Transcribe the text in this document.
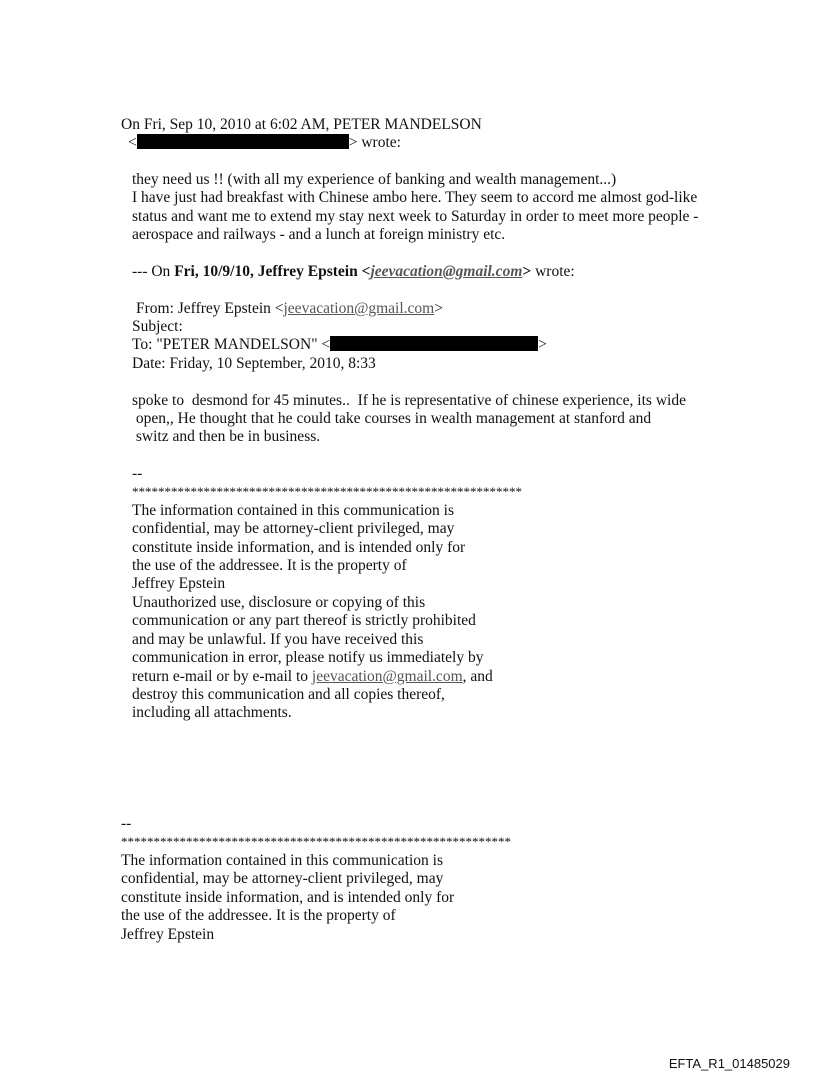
On Fri, Sep 10, 2010 at 6:02 AM, PETER MANDELSON
<	> wrote:
they need us !! (with all my experience of banking and wealth management...)
I have just had breakfast with Chinese ambo here. They seem to accord me almost god-like
status and want me to extend my stay next week to Saturday in order to meet more people -
aerospace and railways - and a lunch at foreign ministry etc.
--- On Fri, 10/9/10, Jeffrey Epstein <jeevacation@gmail.com> wrote:
From: Jeffrey Epstein <jeevacation@gmail.com>
Subject:
To: "PETER MANDELSON" <	>
Date: Friday, 10 September, 2010, 8:33
spoke to  desmond for 45 minutes..  If he is representative of chinese experience, its wide
open,, He thought that he could take courses in wealth management at stanford and
switz and then be in business.
--
************************************************************
The information contained in this communication is
confidential, may be attorney-client privileged, may
constitute inside information, and is intended only for
the use of the addressee. It is the property of
Jeffrey Epstein
Unauthorized use, disclosure or copying of this
communication or any part thereof is strictly prohibited
and may be unlawful. If you have received this
communication in error, please notify us immediately by
return e-mail or by e-mail to jeevacation@gmail.com, and
destroy this communication and all copies thereof,
including all attachments.
--
************************************************************
The information contained in this communication is
confidential, may be attorney-client privileged, may
constitute inside information, and is intended only for
the use of the addressee. It is the property of
Jeffrey Epstein
EFTA_R1_01485029
